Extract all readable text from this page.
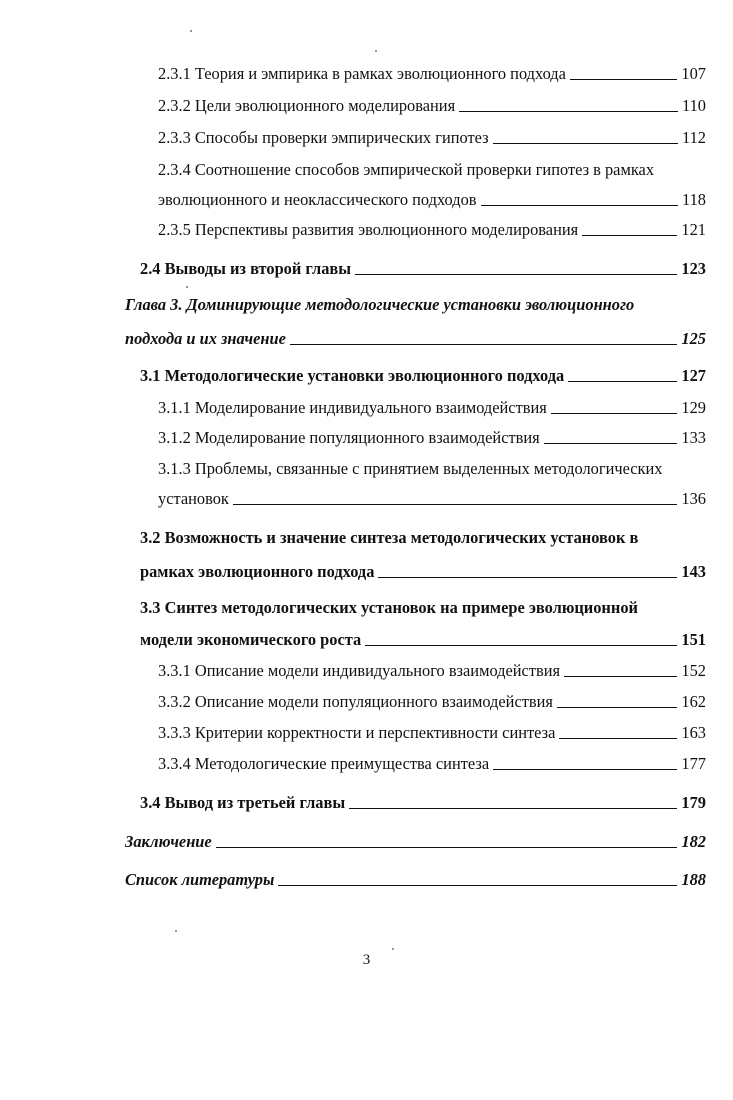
2.3.1 Теория и эмпирика в рамках эволюционного подхода	107
2.3.2 Цели эволюционного моделирования	110
2.3.3 Способы проверки эмпирических гипотез	112
2.3.4 Соотношение способов эмпирической проверки гипотез в рамках
эволюционного и неоклассического подходов	118
2.3.5 Перспективы развития эволюционного моделирования	121
2.4 Выводы из второй главы	123
Глава 3. Доминирующие методологические установки эволюционного
подхода и их значение	125
3.1 Методологические установки эволюционного подхода	127
3.1.1 Моделирование индивидуального взаимодействия	129
3.1.2 Моделирование популяционного взаимодействия	133
3.1.3 Проблемы, связанные с принятием выделенных методологических
установок	136
3.2 Возможность и значение синтеза методологических установок в
рамках эволюционного подхода	143
3.3 Синтез методологических установок на примере эволюционной
модели экономического роста	151
3.3.1 Описание модели индивидуального взаимодействия	152
3.3.2 Описание модели популяционного взаимодействия	162
3.3.3 Критерии корректности и перспективности синтеза	163
3.3.4 Методологические преимущества синтеза	177
3.4 Вывод из третьей главы	179
Заключение	182
Список литературы	188
3
